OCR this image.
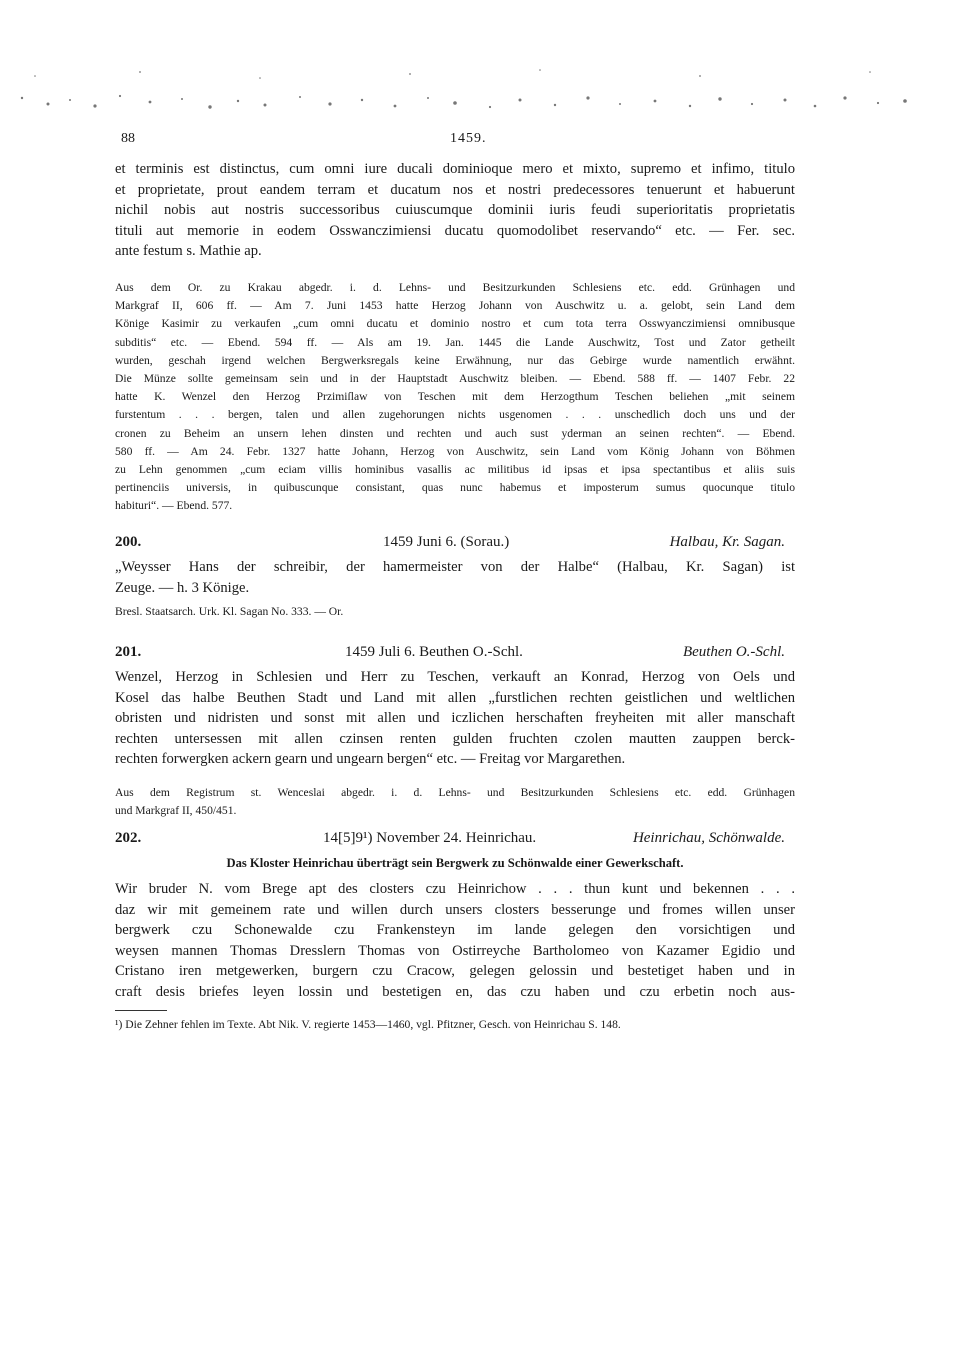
88	1459.
et terminis est distinctus, cum omni iure ducali dominioque mero et mixto, supremo et infimo, titulo
et proprietate, prout eandem terram et ducatum nos et nostri predecessores tenuerunt et habuerunt
nichil nobis aut nostris successoribus cuiuscumque dominii iuris feudi superioritatis proprietatis
tituli aut memorie in eodem Osswanczimiensi ducatu quomodolibet reservando“ etc. — Fer. sec.
ante festum s. Mathie ap.
Aus dem Or. zu Krakau abgedr. i. d. Lehns- und Besitzurkunden Schlesiens etc. edd. Grünhagen und
Markgraf II, 606 ff. — Am 7. Juni 1453 hatte Herzog Johann von Auschwitz u. a. gelobt, sein Land dem
Könige Kasimir zu verkaufen „cum omni ducatu et dominio nostro et cum tota terra Osswyanczimiensi omnibusque
subditis“ etc. — Ebend. 594 ff. — Als am 19. Jan. 1445 die Lande Auschwitz, Tost und Zator getheilt
wurden, geschah irgend welchen Bergwerksregals keine Erwähnung, nur das Gebirge wurde namentlich erwähnt.
Die Münze sollte gemeinsam sein und in der Hauptstadt Auschwitz bleiben. — Ebend. 588 ff. — 1407 Febr. 22
hatte K. Wenzel den Herzog Przimiſlaw von Teschen mit dem Herzogthum Teschen beliehen „mit seinem
furstentum . . . bergen, talen und allen zugehorungen nichts usgenomen . . . unschedlich doch uns und der
cronen zu Beheim an unsern lehen dinsten und rechten und auch sust yderman an seinen rechten“. — Ebend.
580 ff. — Am 24. Febr. 1327 hatte Johann, Herzog von Auschwitz, sein Land vom König Johann von Böhmen
zu Lehn genommen „cum eciam villis hominibus vasallis ac militibus id ipsas et ipsa spectantibus et aliis suis
pertinenciis universis, in quibuscunque consistant, quas nunc habemus et imposterum sumus quocunque titulo
habituri“. — Ebend. 577.
200.	1459 Juni 6. (Sorau.)	Halbau, Kr. Sagan.
„Weysser Hans der schreibir, der hamermeister von der Halbe“ (Halbau, Kr. Sagan) ist
Zeuge. — h. 3 Könige.
Bresl. Staatsarch. Urk. Kl. Sagan No. 333. — Or.
201.	1459 Juli 6. Beuthen O.-Schl.	Beuthen O.-Schl.
Wenzel, Herzog in Schlesien und Herr zu Teschen, verkauft an Konrad, Herzog von Oels und
Kosel das halbe Beuthen Stadt und Land mit allen „furstlichen rechten geistlichen und weltlichen
obristen und nidristen und sonst mit allen und iczlichen herschaften freyheiten mit aller manschaft
rechten untersessen mit allen czinsen renten gulden fruchten czolen mautten zauppen berck-
rechten forwergken ackern gearn und ungearn bergen“ etc. — Freitag vor Margarethen.
Aus dem Registrum st. Wenceslai abgedr. i. d. Lehns- und Besitzurkunden Schlesiens etc. edd. Grünhagen
und Markgraf II, 450/451.
202.	14[5]9¹) November 24. Heinrichau.	Heinrichau, Schönwalde.
Das Kloster Heinrichau überträgt sein Bergwerk zu Schönwalde einer Gewerkschaft.
Wir bruder N. vom Brege apt des closters czu Heinrichow . . . thun kunt und bekennen . . .
daz wir mit gemeinem rate und willen durch unsers closters besserunge und fromes willen unser
bergwerk czu Schonewalde czu Frankensteyn im lande gelegen den vorsichtigen und
weysen mannen Thomas Dresslern Thomas von Ostirreyche Bartholomeo von Kazamer Egidio und
Cristano iren metgewerken, burgern czu Cracow, gelegen gelossin und bestetiget haben und in
craft desis briefes leyen lossin und bestetigen en, das czu haben und czu erbetin noch aus-
¹) Die Zehner fehlen im Texte. Abt Nik. V. regierte 1453—1460, vgl. Pfitzner, Gesch. von Heinrichau S. 148.
